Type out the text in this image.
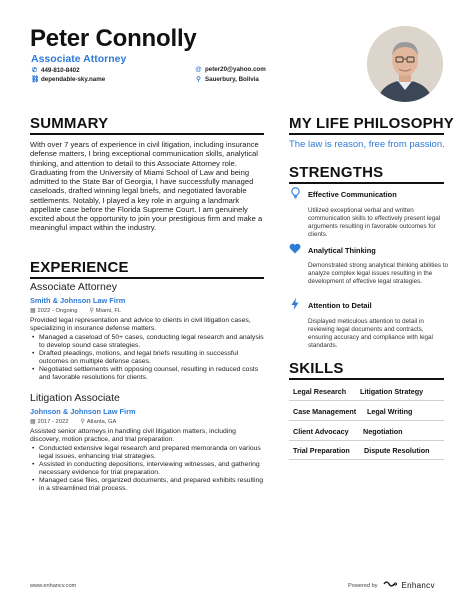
Peter Connolly
Associate Attorney
✆ 449-810-8402
⛓ dependable-sky.name
@ peter20@yahoo.com
⚲ Sauerbury, Bolivia
SUMMARY
With over 7 years of experience in civil litigation, including insurance defense matters, I bring exceptional communication skills, analytical thinking, and attention to detail to this Associate Attorney role. Graduating from the University of Miami School of Law and being admitted to the State Bar of Georgia, I have successfully managed caseloads, drafted winning legal briefs, and negotiated favorable settlements. Notably, I played a key role in arguing a landmark appellate case before the Florida Supreme Court. I am genuinely excited about the opportunity to join your prestigious firm and make a meaningful impact within the industry.
EXPERIENCE
Associate Attorney
Smith & Johnson Law Firm
▦ 2022 - Ongoing ⚲ Miami, FL
Provided legal representation and advice to clients in civil litigation cases, specializing in insurance defense matters.
• Managed a caseload of 50+ cases, conducting legal research and analysis to develop sound case strategies.
• Drafted pleadings, motions, and legal briefs resulting in successful outcomes on multiple defense cases.
• Negotiated settlements with opposing counsel, resulting in reduced costs and favorable resolutions for clients.
Litigation Associate
Johnson & Johnson Law Firm
▦ 2017 - 2022 ⚲ Atlanta, GA
Assisted senior attorneys in handling civil litigation matters, including discovery, motion practice, and trial preparation.
• Conducted extensive legal research and prepared memoranda on various legal issues, enhancing trial strategies.
• Assisted in conducting depositions, interviewing witnesses, and gathering necessary evidence for trial preparation.
• Managed case files, organized documents, and prepared exhibits resulting in a streamlined trial process.
MY LIFE PHILOSOPHY
The law is reason, free from passion.
STRENGTHS
Effective Communication
Utilized exceptional verbal and written communication skills to effectively present legal arguments resulting in favorable outcomes for clients.
Analytical Thinking
Demonstrated strong analytical thinking abilities to analyze complex legal issues resulting in the development of effective legal strategies.
Attention to Detail
Displayed meticulous attention to detail in reviewing legal documents and contracts, ensuring accuracy and compliance with legal standards.
SKILLS
Legal Research Litigation Strategy
Case Management Legal Writing
Client Advocacy Negotiation
Trial Preparation Dispute Resolution
www.enhancv.com	Powered by	Enhancv
